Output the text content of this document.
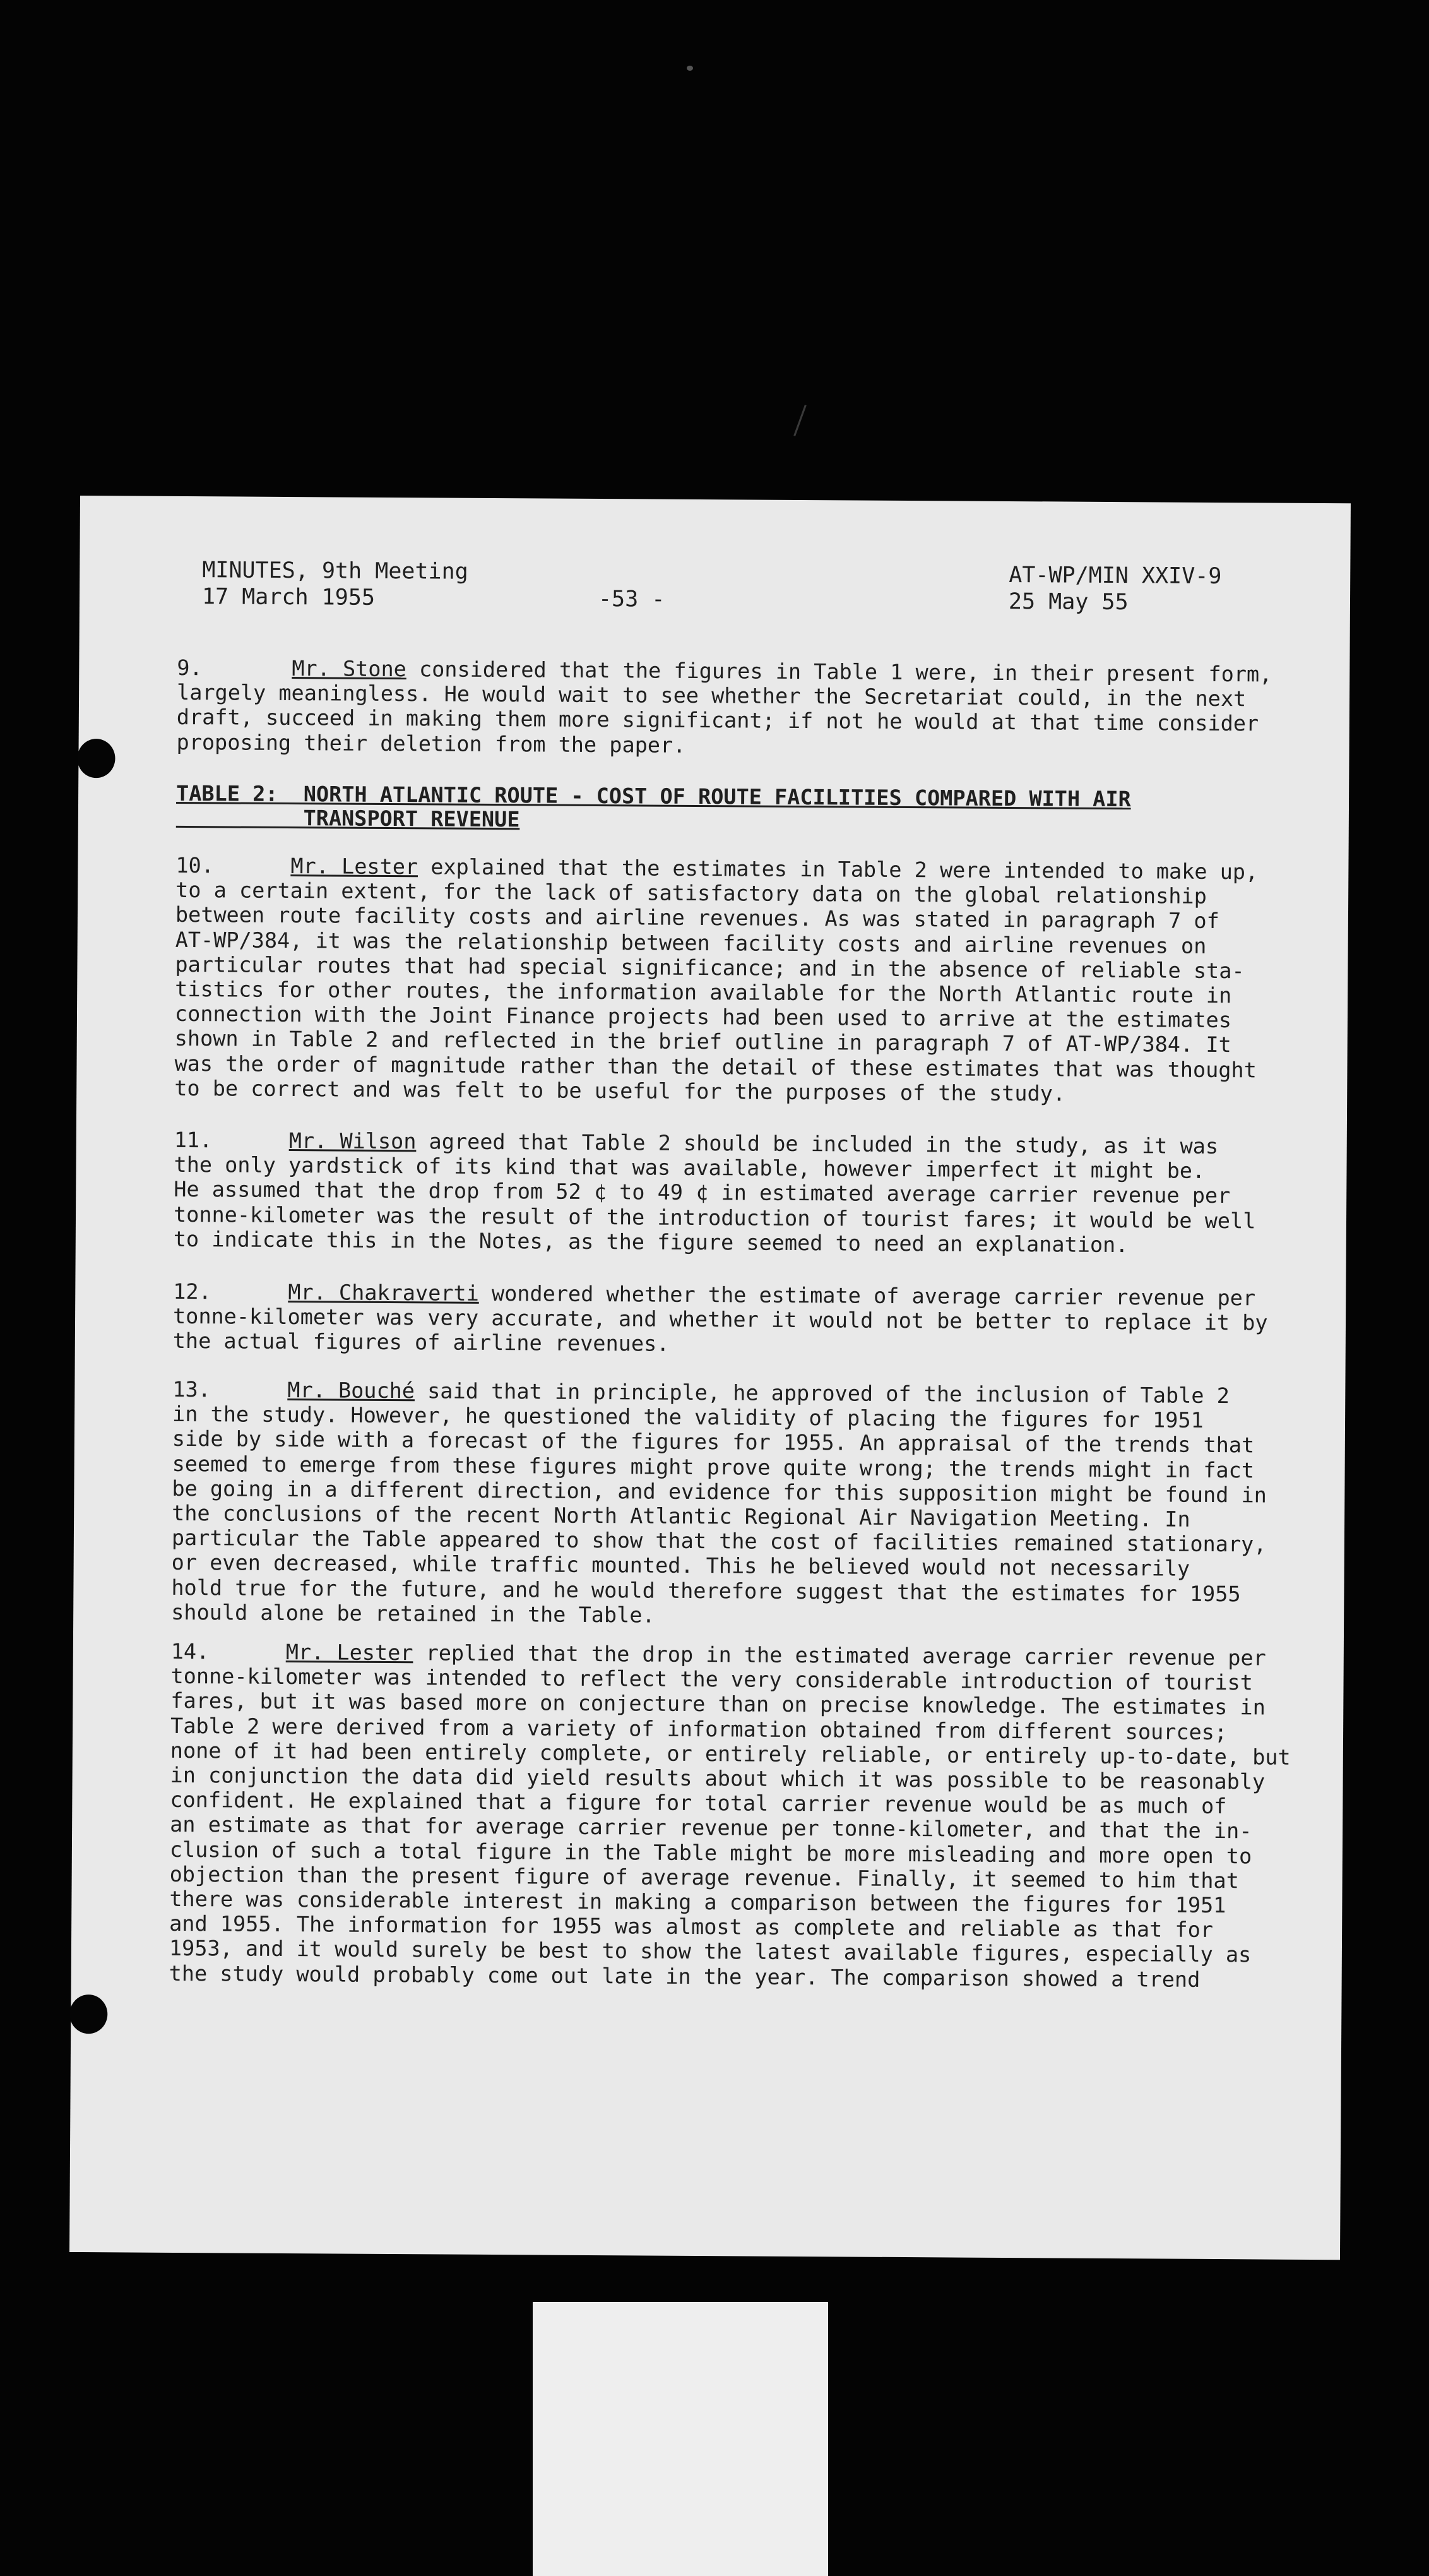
MINUTES, 9th Meeting
17 March 1955	-53 -
AT-WP/MIN XXIV-9
25 May 55

9.	Mr. Stone considered that the figures in Table 1 were, in their present form,
largely meaningless. He would wait to see whether the Secretariat could, in the next
draft, succeed in making them more significant; if not he would at that time consider
proposing their deletion from the paper.

TABLE 2:  NORTH ATLANTIC ROUTE - COST OF ROUTE FACILITIES COMPARED WITH AIR
TRANSPORT REVENUE

10.	Mr. Lester explained that the estimates in Table 2 were intended to make up,
to a certain extent, for the lack of satisfactory data on the global relationship
between route facility costs and airline revenues. As was stated in paragraph 7 of
AT-WP/384, it was the relationship between facility costs and airline revenues on
particular routes that had special significance; and in the absence of reliable sta-
tistics for other routes, the information available for the North Atlantic route in
connection with the Joint Finance projects had been used to arrive at the estimates
shown in Table 2 and reflected in the brief outline in paragraph 7 of AT-WP/384. It
was the order of magnitude rather than the detail of these estimates that was thought
to be correct and was felt to be useful for the purposes of the study.

11.	Mr. Wilson agreed that Table 2 should be included in the study, as it was
the only yardstick of its kind that was available, however imperfect it might be.
He assumed that the drop from 52 ¢ to 49 ¢ in estimated average carrier revenue per
tonne-kilometer was the result of the introduction of tourist fares; it would be well
to indicate this in the Notes, as the figure seemed to need an explanation.

12.	Mr. Chakraverti wondered whether the estimate of average carrier revenue per
tonne-kilometer was very accurate, and whether it would not be better to replace it by
the actual figures of airline revenues.

13.	Mr. Bouché said that in principle, he approved of the inclusion of Table 2
in the study. However, he questioned the validity of placing the figures for 1951
side by side with a forecast of the figures for 1955. An appraisal of the trends that
seemed to emerge from these figures might prove quite wrong; the trends might in fact
be going in a different direction, and evidence for this supposition might be found in
the conclusions of the recent North Atlantic Regional Air Navigation Meeting. In
particular the Table appeared to show that the cost of facilities remained stationary,
or even decreased, while traffic mounted. This he believed would not necessarily
hold true for the future, and he would therefore suggest that the estimates for 1955
should alone be retained in the Table.

14.	Mr. Lester replied that the drop in the estimated average carrier revenue per
tonne-kilometer was intended to reflect the very considerable introduction of tourist
fares, but it was based more on conjecture than on precise knowledge. The estimates in
Table 2 were derived from a variety of information obtained from different sources;
none of it had been entirely complete, or entirely reliable, or entirely up-to-date, but
in conjunction the data did yield results about which it was possible to be reasonably
confident. He explained that a figure for total carrier revenue would be as much of
an estimate as that for average carrier revenue per tonne-kilometer, and that the in-
clusion of such a total figure in the Table might be more misleading and more open to
objection than the present figure of average revenue. Finally, it seemed to him that
there was considerable interest in making a comparison between the figures for 1951
and 1955. The information for 1955 was almost as complete and reliable as that for
1953, and it would surely be best to show the latest available figures, especially as
the study would probably come out late in the year. The comparison showed a trend
